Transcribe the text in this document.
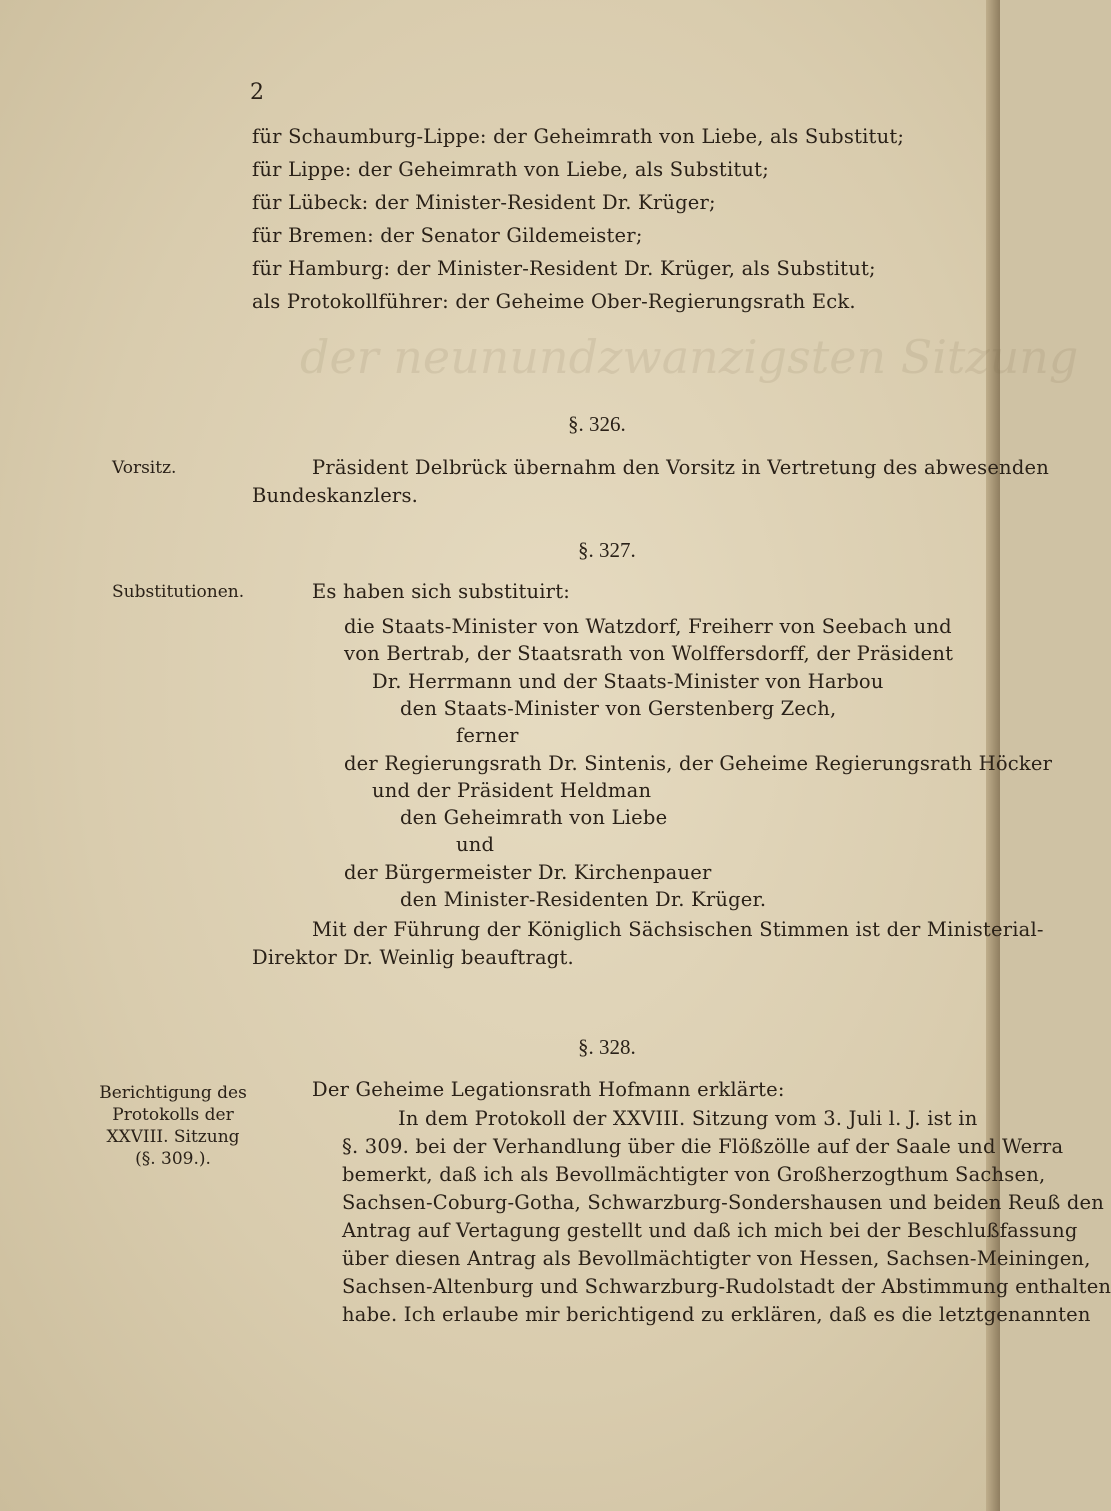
der neunundzwanzigsten Sitzung
2
für Schaumburg-Lippe: der Geheimrath von Liebe, als Substitut;
für Lippe: der Geheimrath von Liebe, als Substitut;
für Lübeck: der Minister-Resident Dr. Krüger;
für Bremen: der Senator Gildemeister;
für Hamburg: der Minister-Resident Dr. Krüger, als Substitut;
als Protokollführer: der Geheime Ober-Regierungsrath Eck.
§. 326.
Vorsitz.	Präsident Delbrück übernahm den Vorsitz in Vertretung des abwesenden
Bundeskanzlers.
§. 327.
Substitutionen.	Es haben sich substituirt:
die Staats-Minister von Watzdorf, Freiherr von Seebach und
von Bertrab, der Staatsrath von Wolffersdorff, der Präsident
Dr. Herrmann und der Staats-Minister von Harbou
den Staats-Minister von Gerstenberg Zech,
ferner
der Regierungsrath Dr. Sintenis, der Geheime Regierungsrath Höcker
und der Präsident Heldman
den Geheimrath von Liebe
und
der Bürgermeister Dr. Kirchenpauer
den Minister-Residenten Dr. Krüger.
Mit der Führung der Königlich Sächsischen Stimmen ist der Ministerial-
Direktor Dr. Weinlig beauftragt.
§. 328.
Berichtigung des
Protokolls der
XXVIII. Sitzung
(§. 309.).
Der Geheime Legationsrath Hofmann erklärte:
In dem Protokoll der XXVIII. Sitzung vom 3. Juli l. J. ist in
§. 309. bei der Verhandlung über die Flößzölle auf der Saale und Werra
bemerkt, daß ich als Bevollmächtigter von Großherzogthum Sachsen,
Sachsen-Coburg-Gotha, Schwarzburg-Sondershausen und beiden Reuß den
Antrag auf Vertagung gestellt und daß ich mich bei der Beschlußfassung
über diesen Antrag als Bevollmächtigter von Hessen, Sachsen-Meiningen,
Sachsen-Altenburg und Schwarzburg-Rudolstadt der Abstimmung enthalten
habe. Ich erlaube mir berichtigend zu erklären, daß es die letztgenannten
